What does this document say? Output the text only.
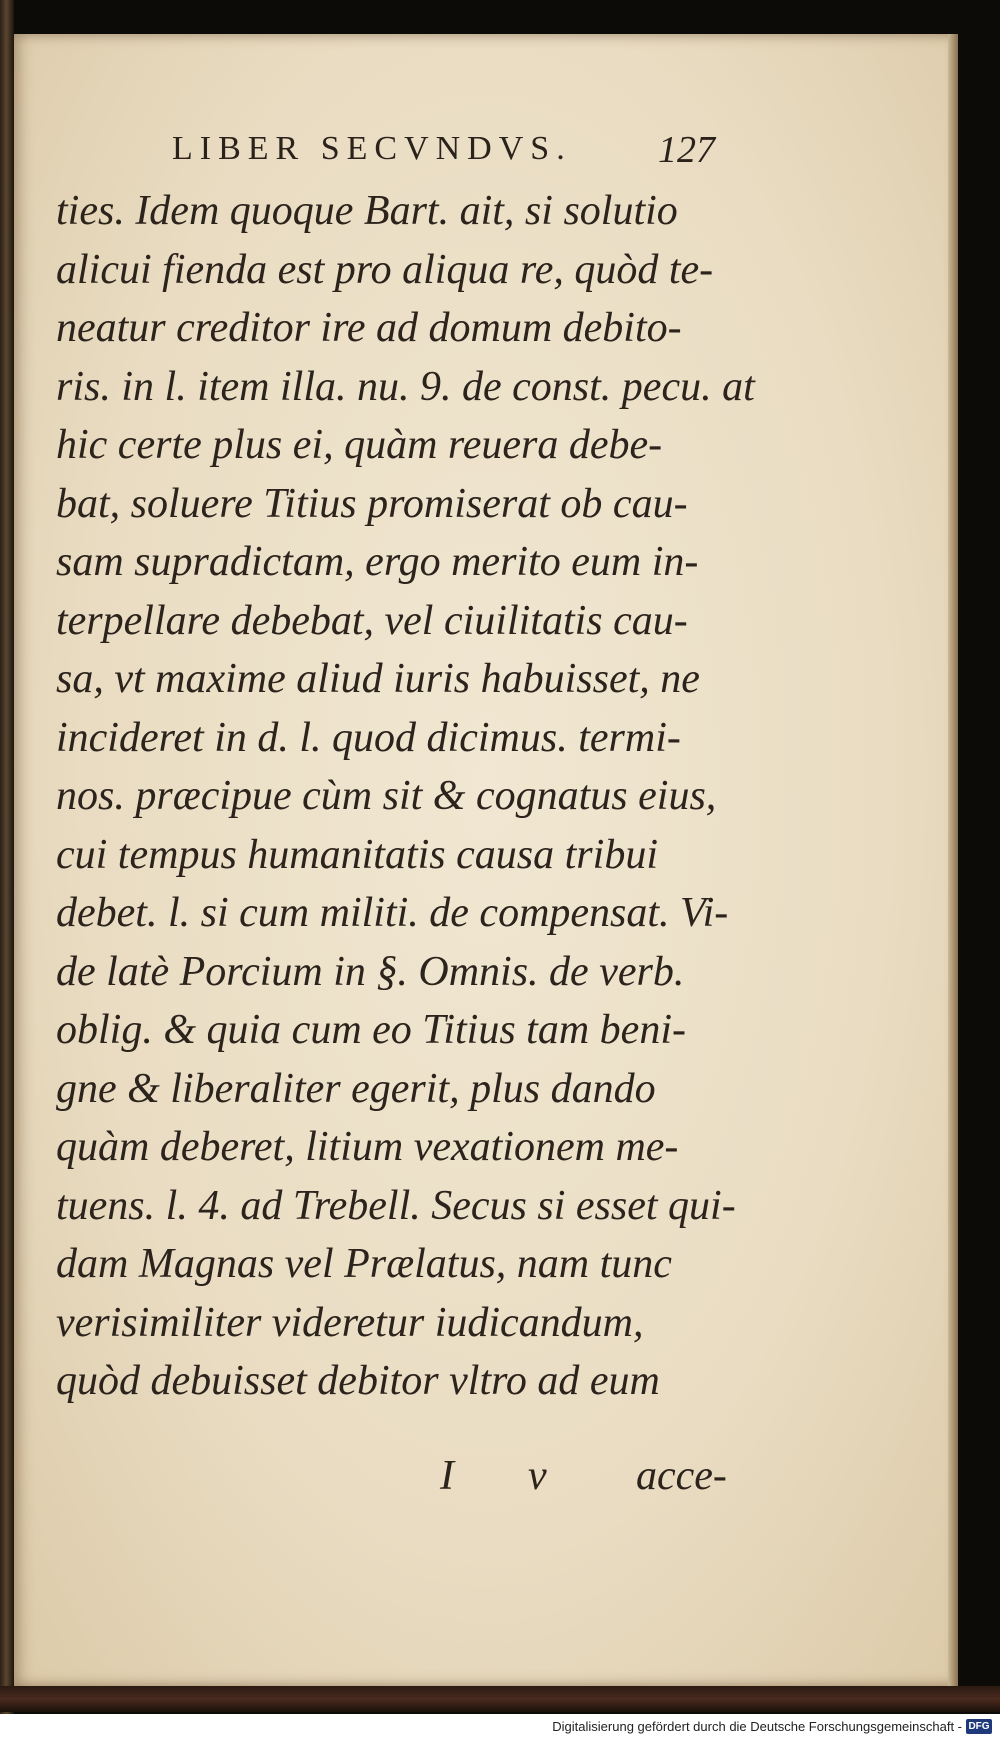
LIBER SECVNDVS. 127
ties. Idem quoque Bart. ait, si solutio
alicui fienda est pro aliqua re, quòd te-
neatur creditor ire ad domum debito-
ris. in l. item illa. nu. 9. de const. pecu. at
hic certe plus ei, quàm reuera debe-
bat, soluere Titius promiserat ob cau-
sam supradictam, ergo merito eum in-
terpellare debebat, vel ciuilitatis cau-
sa, vt maxime aliud iuris habuisset, ne
incideret in d. l. quod dicimus. termi-
nos. præcipue cùm sit & cognatus eius,
cui tempus humanitatis causa tribui
debet. l. si cum militi. de compensat. Vi-
de latè Porcium in §. Omnis. de verb.
oblig. & quia cum eo Titius tam beni-
gne & liberaliter egerit, plus dando
quàm deberet, litium vexationem me-
tuens. l. 4. ad Trebell. Secus si esset qui-
dam Magnas vel Prælatus, nam tunc
verisimiliter videretur iudicandum,
quòd debuisset debitor vltro ad eum
I v acce-
Digitalisierung gefördert durch die Deutsche Forschungsgemeinschaft - DFG
